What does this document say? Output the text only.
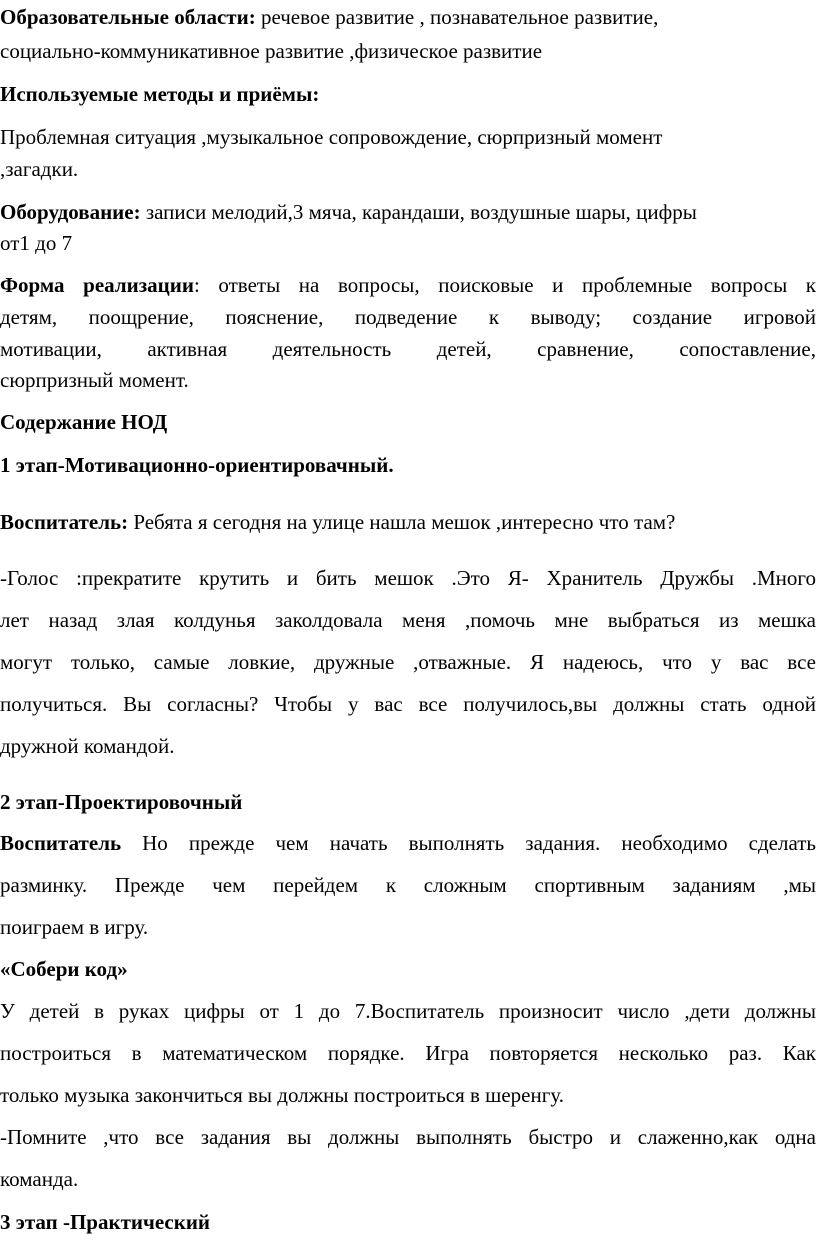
Образовательные области: речевое развитие , познавательное развитие,
социально-коммуникативное развитие ,физическое развитие
Используемые методы и приёмы:
Проблемная ситуация ,музыкальное сопровождение, сюрпризный момент
,загадки.
Оборудование: записи мелодий,3 мяча, карандаши, воздушные шары, цифры
от1 до 7
Форма реализации: ответы на вопросы, поисковые и проблемные вопросы к
детям, поощрение, пояснение, подведение к выводу; создание игровой
мотивации, активная деятельность детей, сравнение, сопоставление,
сюрпризный момент.
Содержание НОД
1 этап-Мотивационно-ориентировачный.
Воспитатель: Ребята я сегодня на улице нашла мешок ,интересно что там?
-Голос :прекратите крутить и бить мешок .Это Я- Хранитель Дружбы .Много
лет назад злая колдунья заколдовала меня ,помочь мне выбраться из мешка
могут только, самые ловкие, дружные ,отважные. Я надеюсь, что у вас все
получиться. Вы согласны? Чтобы у вас все получилось,вы должны стать одной
дружной командой.
2 этап-Проектировочный
Воспитатель Но прежде чем начать выполнять задания. необходимо сделать
разминку. Прежде чем перейдем к сложным спортивным заданиям ,мы
поиграем в игру.
«Собери код»
У детей в руках цифры от 1 до 7.Воспитатель произносит число ,дети должны
построиться в математическом порядке. Игра повторяется несколько раз. Как
только музыка закончиться вы должны построиться в шеренгу.
-Помните ,что все задания вы должны выполнять быстро и слаженно,как одна
команда.
3 этап -Практический
